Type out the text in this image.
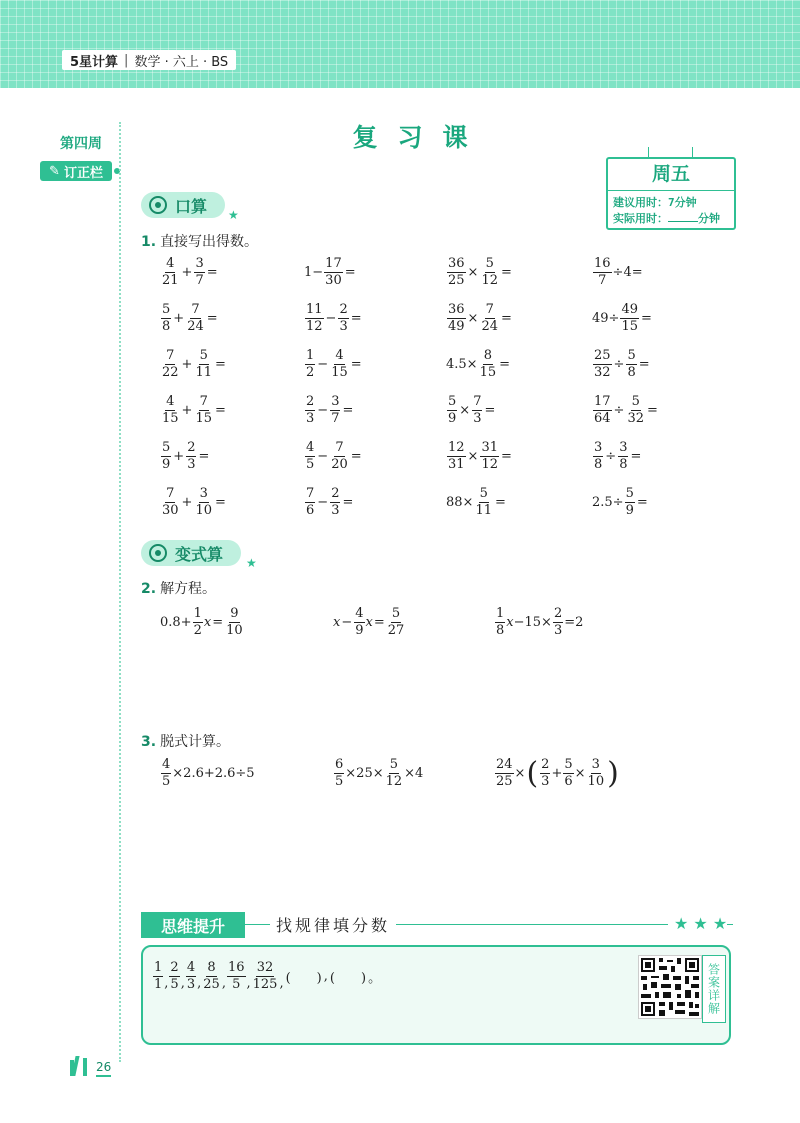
5星计算 | 数学 · 六上 · BS
第四周
✎ 订正栏
复习课
周五
建议用时：7分钟
实际用时：	分钟
口算 ★
1. 直接写出得数。
$\frac{4}{21} + \frac{3}{7}$ =	$1- \frac{17}{30}$ =	$\frac{36}{25} \times \frac{5}{12}$ =	$\frac{16}{7} \div 4=$
$\frac{5}{8} + \frac{7}{24}$ =	$\frac{11}{12} - \frac{2}{3}$ =	$\frac{36}{49} \times \frac{7}{24}$ =	$49\div \frac{49}{15}$ =
$\frac{7}{22} + \frac{5}{11}$ =	$\frac{1}{2} - \frac{4}{15}$ =	$4.5\times \frac{8}{15}$ =	$\frac{25}{32} \div \frac{5}{8}$ =
$\frac{4}{15} + \frac{7}{15}$ =	$\frac{2}{3} - \frac{3}{7}$ =	$\frac{5}{9} \times \frac{7}{3}$ =	$\frac{17}{64} \div \frac{5}{32}$ =
$\frac{5}{9} + \frac{2}{3}$ =	$\frac{4}{5} - \frac{7}{20}$ =	$\frac{12}{31} \times \frac{31}{12}$ =	$\frac{3}{8} \div \frac{3}{8}$ =
$\frac{7}{30} + \frac{3}{10}$ =	$\frac{7}{6} - \frac{2}{3}$ =	$88\times \frac{5}{11}$ =	$2.5\div \frac{5}{9}$ =
变式算 ★
2. 解方程。
$0.8+ \frac{1}{2}$ $x = \frac{9}{10}$	$x - \frac{4}{9}$ $x = \frac{5}{27}$	$\frac{1}{8}$ $x -15\times \frac{2}{3} =2$
3. 脱式计算。
$\frac{4}{5} \times 2.6+2.6\div 5$	$\frac{6}{5} \times 25\times \frac{5}{12} \times 4$	$\frac{24}{25}$ × ( $\frac{2}{3} + \frac{5}{6} \times \frac{3}{10}$ )
思维提升	找规律填分数	★ ★ ★
$\frac{1}{1}$ , $\frac{2}{5}$ , $\frac{4}{3}$ , $\frac{8}{25}$ , $\frac{16}{5}$ , $\frac{32}{125}$ , (　　) , (　　) 。	答案详解
26
